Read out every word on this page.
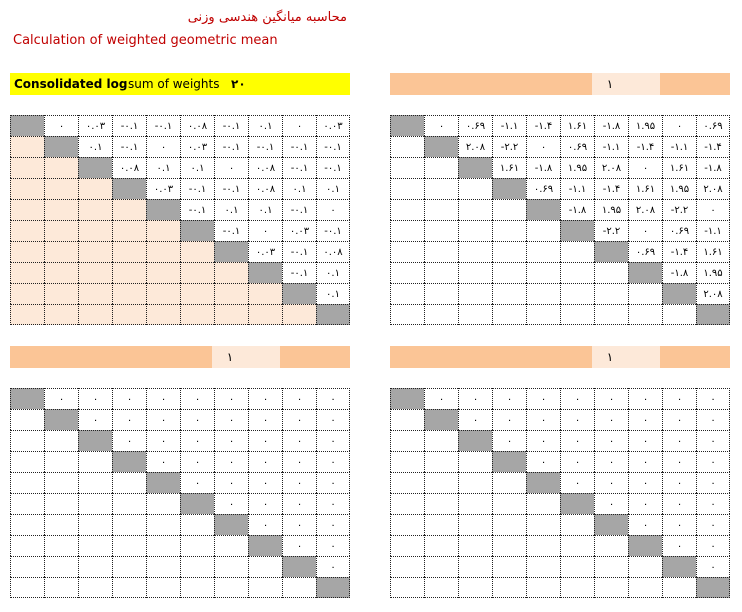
محاسبه میانگین هندسی وزنی
Calculation of weighted geometric mean
Consolidated log sum of weights ۲۰	۱
۱	۱
۰	۰.۰۳	-۰.۱	-۰.۱	۰.۰۸	-۰.۱	۰.۱	۰	۰.۰۳
۰.۱	-۰.۱	۰	۰.۰۳	-۰.۱	-۰.۱	-۰.۱	-۰.۱
۰.۰۸	۰.۱	۰.۱	۰	۰.۰۸	-۰.۱	-۰.۱
۰.۰۳	-۰.۱	-۰.۱	۰.۰۸	۰.۱	۰.۱
-۰.۱	۰.۱	۰.۱	-۰.۱	۰
-۰.۱	۰	۰.۰۳	-۰.۱
۰.۰۳	-۰.۱	۰.۰۸
-۰.۱	۰.۱
۰.۱
۰	۰.۶۹	-۱.۱	-۱.۴	۱.۶۱	-۱.۸	۱.۹۵	۰	۰.۶۹
۲.۰۸	-۲.۲	۰	۰.۶۹	-۱.۱	-۱.۴	-۱.۱	-۱.۴
۱.۶۱	-۱.۸	۱.۹۵	۲.۰۸	۰	۱.۶۱	-۱.۸
۰.۶۹	-۱.۱	-۱.۴	۱.۶۱	۱.۹۵	۲.۰۸
-۱.۸	۱.۹۵	۲.۰۸	-۲.۲	۰
-۲.۲	۰	۰.۶۹	-۱.۱
۰.۶۹	-۱.۴	۱.۶۱
-۱.۸	۱.۹۵
۲.۰۸
۰	۰	۰	۰	۰	۰	۰	۰	۰
۰	۰	۰	۰	۰	۰	۰	۰
۰	۰	۰	۰	۰	۰	۰
۰	۰	۰	۰	۰	۰
۰	۰	۰	۰	۰
۰	۰	۰	۰
۰	۰	۰
۰	۰
۰
۰	۰	۰	۰	۰	۰	۰	۰	۰
۰	۰	۰	۰	۰	۰	۰	۰
۰	۰	۰	۰	۰	۰	۰
۰	۰	۰	۰	۰	۰
۰	۰	۰	۰	۰
۰	۰	۰	۰
۰	۰	۰
۰	۰
۰
